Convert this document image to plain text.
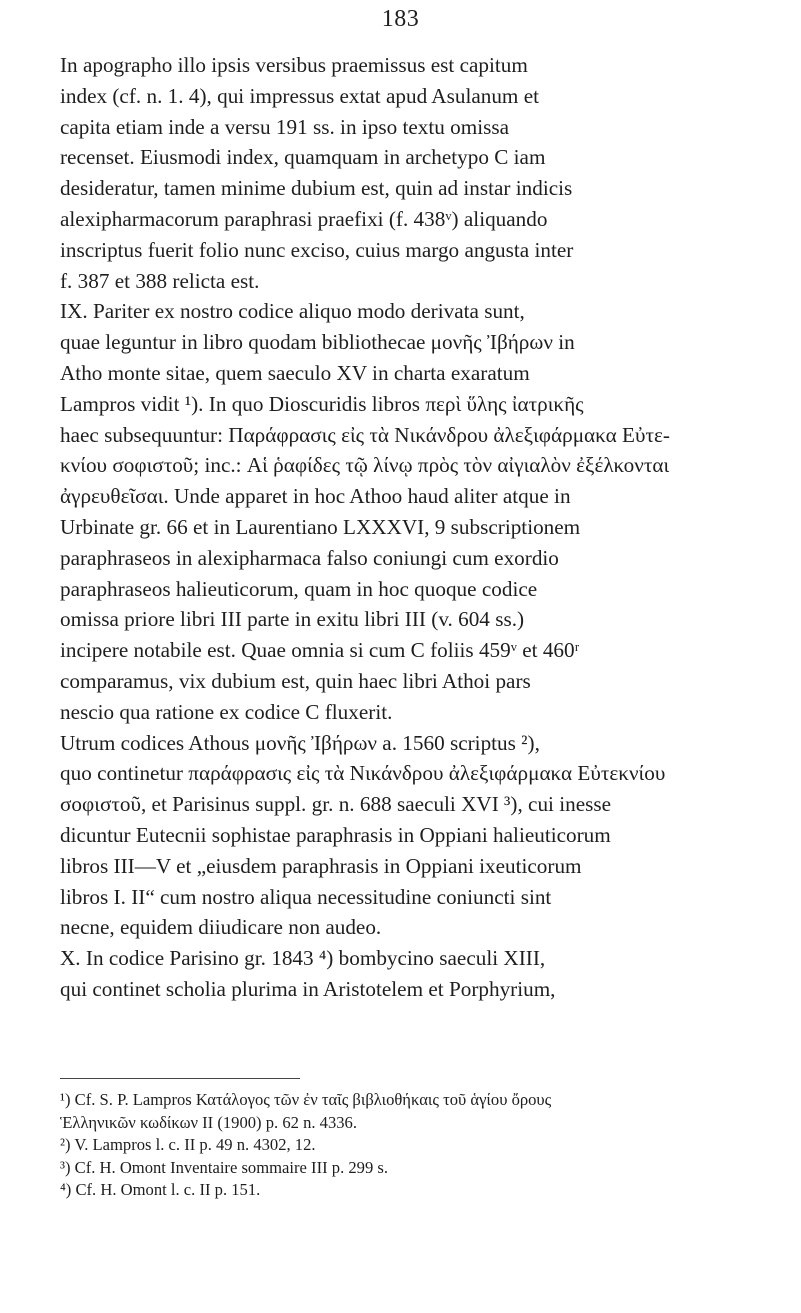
183
In apographo illo ipsis versibus praemissus est capitum
index (cf. n. 1. 4), qui impressus extat apud Asulanum et
capita etiam inde a versu 191 ss. in ipso textu omissa
recenset. Eiusmodi index, quamquam in archetypo C iam
desideratur, tamen minime dubium est, quin ad instar indicis
alexipharmacorum paraphrasi praefixi (f. 438ᵛ) aliquando
inscriptus fuerit folio nunc exciso, cuius margo angusta inter
f. 387 et 388 relicta est.
IX. Pariter ex nostro codice aliquo modo derivata sunt,
quae leguntur in libro quodam bibliothecae μονῆς Ἰβήρων in
Atho monte sitae, quem saeculo XV in charta exaratum
Lampros vidit ¹). In quo Dioscuridis libros περὶ ὕλης ἰατρικῆς
haec subsequuntur: Παράφρασις εἰς τὰ Νικάνδρου ἀλεξιφάρμακα Εὐτε-
κνίου σοφιστοῦ; inc.: Αἱ ῥαφίδες τῷ λίνῳ πρὸς τὸν αἰγιαλὸν ἐξέλκονται
ἀγρευθεῖσαι. Unde apparet in hoc Athoo haud aliter atque in
Urbinate gr. 66 et in Laurentiano LXXXVI, 9 subscriptionem
paraphraseos in alexipharmaca falso coniungi cum exordio
paraphraseos halieuticorum, quam in hoc quoque codice
omissa priore libri III parte in exitu libri III (v. 604 ss.)
incipere notabile est. Quae omnia si cum C foliis 459ᵛ et 460ʳ
comparamus, vix dubium est, quin haec libri Athoi pars
nescio qua ratione ex codice C fluxerit.
Utrum codices Athous μονῆς Ἰβήρων a. 1560 scriptus ²),
quo continetur παράφρασις εἰς τὰ Νικάνδρου ἀλεξιφάρμακα Εὐτεκνίου
σοφιστοῦ, et Parisinus suppl. gr. n. 688 saeculi XVI ³), cui inesse
dicuntur Eutecnii sophistae paraphrasis in Oppiani halieuticorum
libros III—V et „eiusdem paraphrasis in Oppiani ixeuticorum
libros I. II“ cum nostro aliqua necessitudine coniuncti sint
necne, equidem diiudicare non audeo.
X. In codice Parisino gr. 1843 ⁴) bombycino saeculi XIII,
qui continet scholia plurima in Aristotelem et Porphyrium,
¹) Cf. S. P. Lampros Κατάλογος τῶν ἐν ταῖς βιβλιοθήκαις τοῦ ἁγίου ὄρους
Ἑλληνικῶν κωδίκων II (1900) p. 62 n. 4336.
²) V. Lampros l. c. II p. 49 n. 4302, 12.
³) Cf. H. Omont Inventaire sommaire III p. 299 s.
⁴) Cf. H. Omont l. c. II p. 151.
